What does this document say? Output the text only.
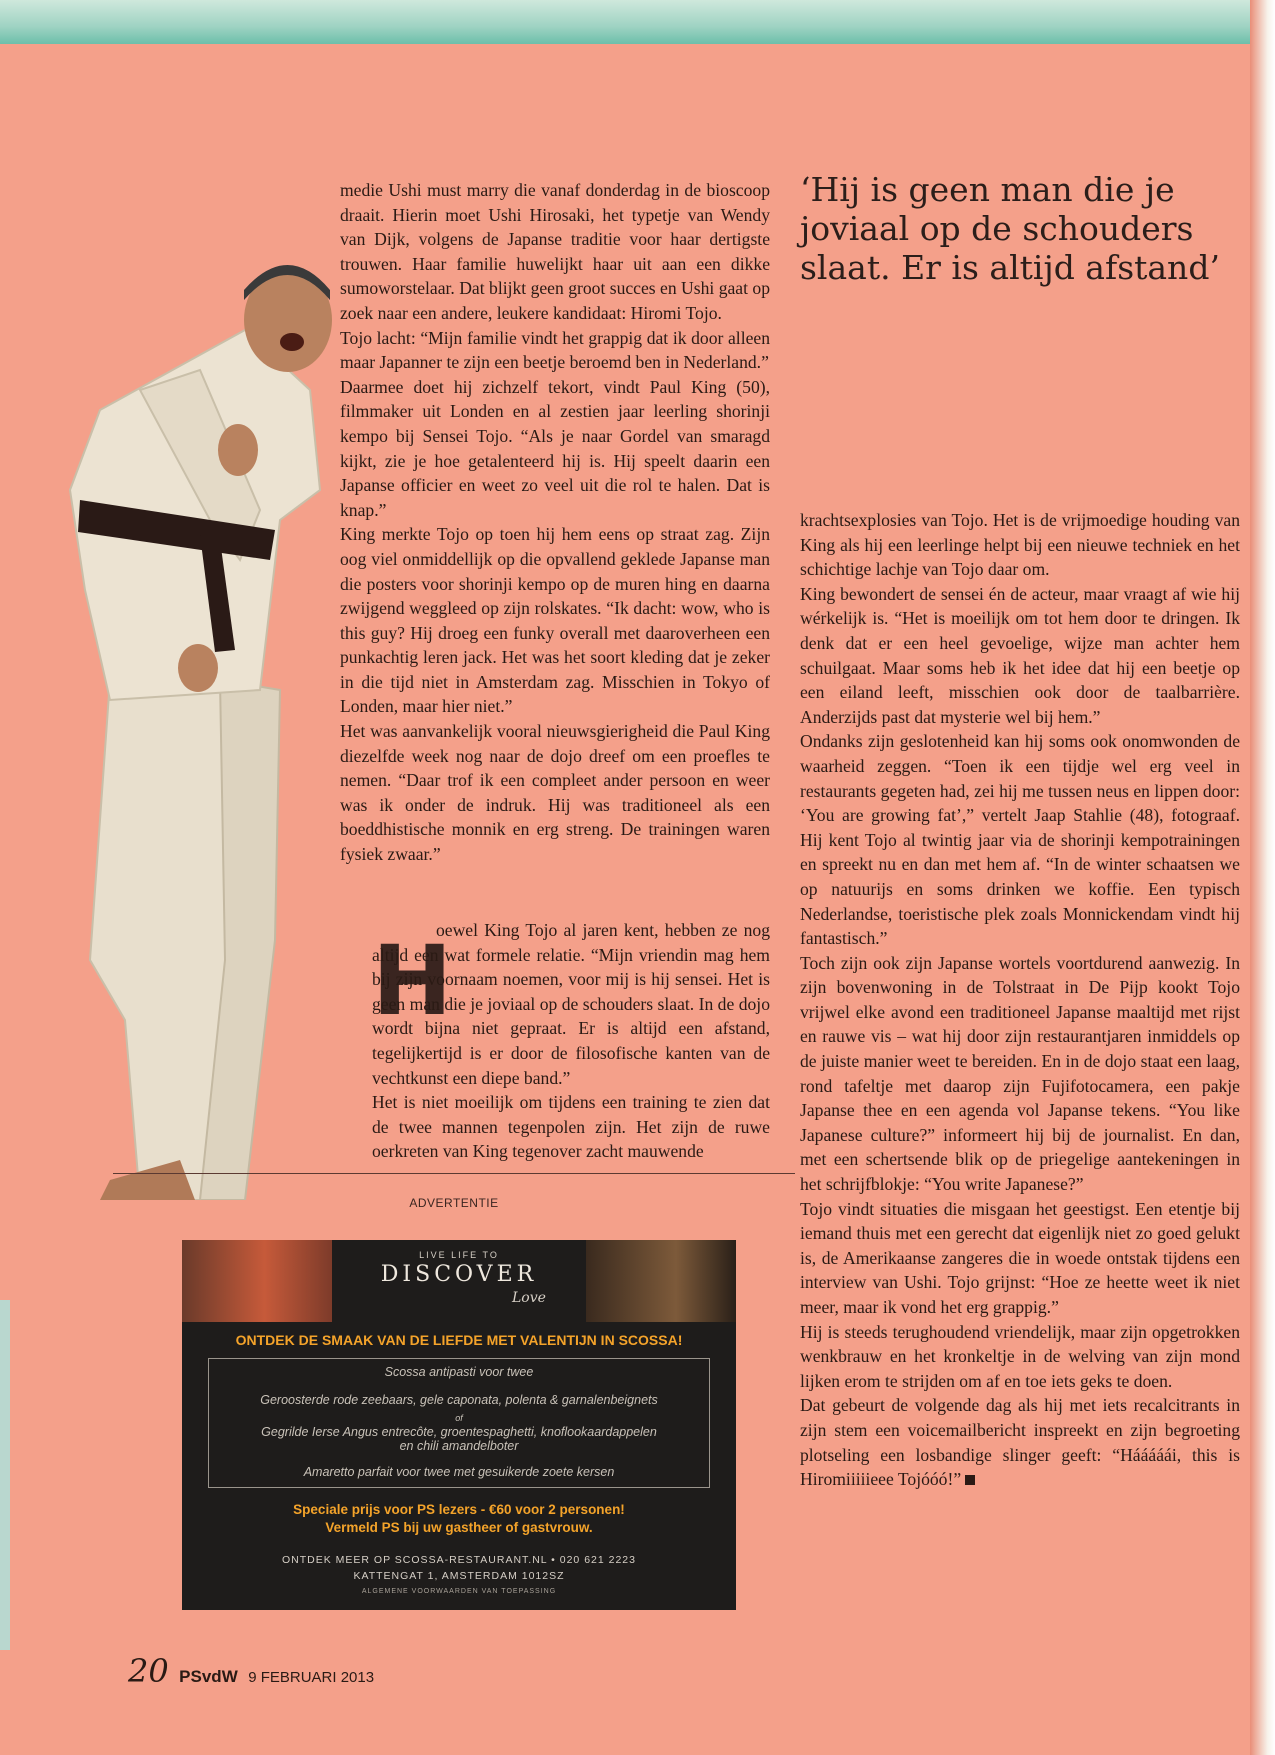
medie Ushi must marry die vanaf donderdag in de bioscoop draait. Hierin moet Ushi Hirosaki, het typetje van Wendy van Dijk, volgens de Japanse traditie voor haar dertigste trouwen. Haar familie huwelijkt haar uit aan een dikke sumoworstelaar. Dat blijkt geen groot succes en Ushi gaat op zoek naar een andere, leukere kandidaat: Hiromi Tojo.

Tojo lacht: “Mijn familie vindt het grappig dat ik door alleen maar Japanner te zijn een beetje beroemd ben in Nederland.”

Daarmee doet hij zichzelf tekort, vindt Paul King (50), filmmaker uit Londen en al zestien jaar leerling shorinji kempo bij Sensei Tojo. “Als je naar Gordel van smaragd kijkt, zie je hoe getalenteerd hij is. Hij speelt daarin een Japanse officier en weet zo veel uit die rol te halen. Dat is knap.”

King merkte Tojo op toen hij hem eens op straat zag. Zijn oog viel onmiddellijk op die opvallend geklede Japanse man die posters voor shorinji kempo op de muren hing en daarna zwijgend weggleed op zijn rolskates. “Ik dacht: wow, who is this guy? Hij droeg een funky overall met daaroverheen een punkachtig leren jack. Het was het soort kleding dat je zeker in die tijd niet in Amsterdam zag. Misschien in Tokyo of Londen, maar hier niet.”

Het was aanvankelijk vooral nieuwsgierigheid die Paul King diezelfde week nog naar de dojo dreef om een proefles te nemen. “Daar trof ik een compleet ander persoon en weer was ik onder de indruk. Hij was traditioneel als een boeddhistische monnik en erg streng. De trainingen waren fysiek zwaar.”

H

oewel King Tojo al jaren kent, hebben ze nog altijd een wat formele relatie. “Mijn vriendin mag hem bij zijn voornaam noemen, voor mij is hij sensei. Het is geen man die je joviaal op de schouders slaat. In de dojo wordt bijna niet gepraat. Er is altijd een afstand, tegelijkertijd is er door de filosofische kanten van de vechtkunst een diepe band.”

Het is niet moeilijk om tijdens een training te zien dat de twee mannen tegenpolen zijn. Het zijn de ruwe oerkreten van King tegenover zacht mauwende

‘Hij is geen man die je joviaal op de schouders slaat. Er is altijd afstand’

krachtsexplosies van Tojo. Het is de vrijmoedige houding van King als hij een leerlinge helpt bij een nieuwe techniek en het schichtige lachje van Tojo daar om.

King bewondert de sensei én de acteur, maar vraagt af wie hij wérkelijk is. “Het is moeilijk om tot hem door te dringen. Ik denk dat er een heel gevoelige, wijze man achter hem schuilgaat. Maar soms heb ik het idee dat hij een beetje op een eiland leeft, misschien ook door de taalbarrière. Anderzijds past dat mysterie wel bij hem.”

Ondanks zijn geslotenheid kan hij soms ook onomwonden de waarheid zeggen. “Toen ik een tijdje wel erg veel in restaurants gegeten had, zei hij me tussen neus en lippen door: ‘You are growing fat’,” vertelt Jaap Stahlie (48), fotograaf. Hij kent Tojo al twintig jaar via de shorinji kempotrainingen en spreekt nu en dan met hem af. “In de winter schaatsen we op natuurijs en soms drinken we koffie. Een typisch Nederlandse, toeristische plek zoals Monnickendam vindt hij fantastisch.”

Toch zijn ook zijn Japanse wortels voortdurend aanwezig. In zijn bovenwoning in de Tolstraat in De Pijp kookt Tojo vrijwel elke avond een traditioneel Japanse maaltijd met rijst en rauwe vis – wat hij door zijn restaurantjaren inmiddels op de juiste manier weet te bereiden. En in de dojo staat een laag, rond tafeltje met daarop zijn Fujifotocamera, een pakje Japanse thee en een agenda vol Japanse tekens. “You like Japanese culture?” informeert hij bij de journalist. En dan, met een schertsende blik op de priegelige aantekeningen in het schrijfblokje: “You write Japanese?”

Tojo vindt situaties die misgaan het geestigst. Een etentje bij iemand thuis met een gerecht dat eigenlijk niet zo goed gelukt is, de Amerikaanse zangeres die in woede ontstak tijdens een interview van Ushi. Tojo grijnst: “Hoe ze heette weet ik niet meer, maar ik vond het erg grappig.”

Hij is steeds terughoudend vriendelijk, maar zijn opgetrokken wenkbrauw en het kronkeltje in de welving van zijn mond lijken erom te strijden om af en toe iets geks te doen.

Dat gebeurt de volgende dag als hij met iets recalcitrants in zijn stem een voicemailbericht inspreekt en zijn begroeting plotseling een losbandige slinger geeft: “Hááááái, this is Hiromiiiiieee Tojóóó!”

ADVERTENTIE
LIVE LIFE TO
DISCOVER
Love
ONTDEK DE SMAAK VAN DE LIEFDE MET VALENTIJN IN SCOSSA!
Scossa antipasti voor twee
Geroosterde rode zeebaars, gele caponata, polenta & garnalenbeignets
of
Gegrilde Ierse Angus entrecôte, groentespaghetti, knoflookaardappelen
en chili amandelboter
Amaretto parfait voor twee met gesuikerde zoete kersen
Speciale prijs voor PS lezers - €60 voor 2 personen!
Vermeld PS bij uw gastheer of gastvrouw.
ONTDEK MEER OP SCOSSA-RESTAURANT.NL • 020 621 2223
KATTENGAT 1, AMSTERDAM 1012SZ
ALGEMENE VOORWAARDEN VAN TOEPASSING
20 PSvdW 9 FEBRUARI 2013
